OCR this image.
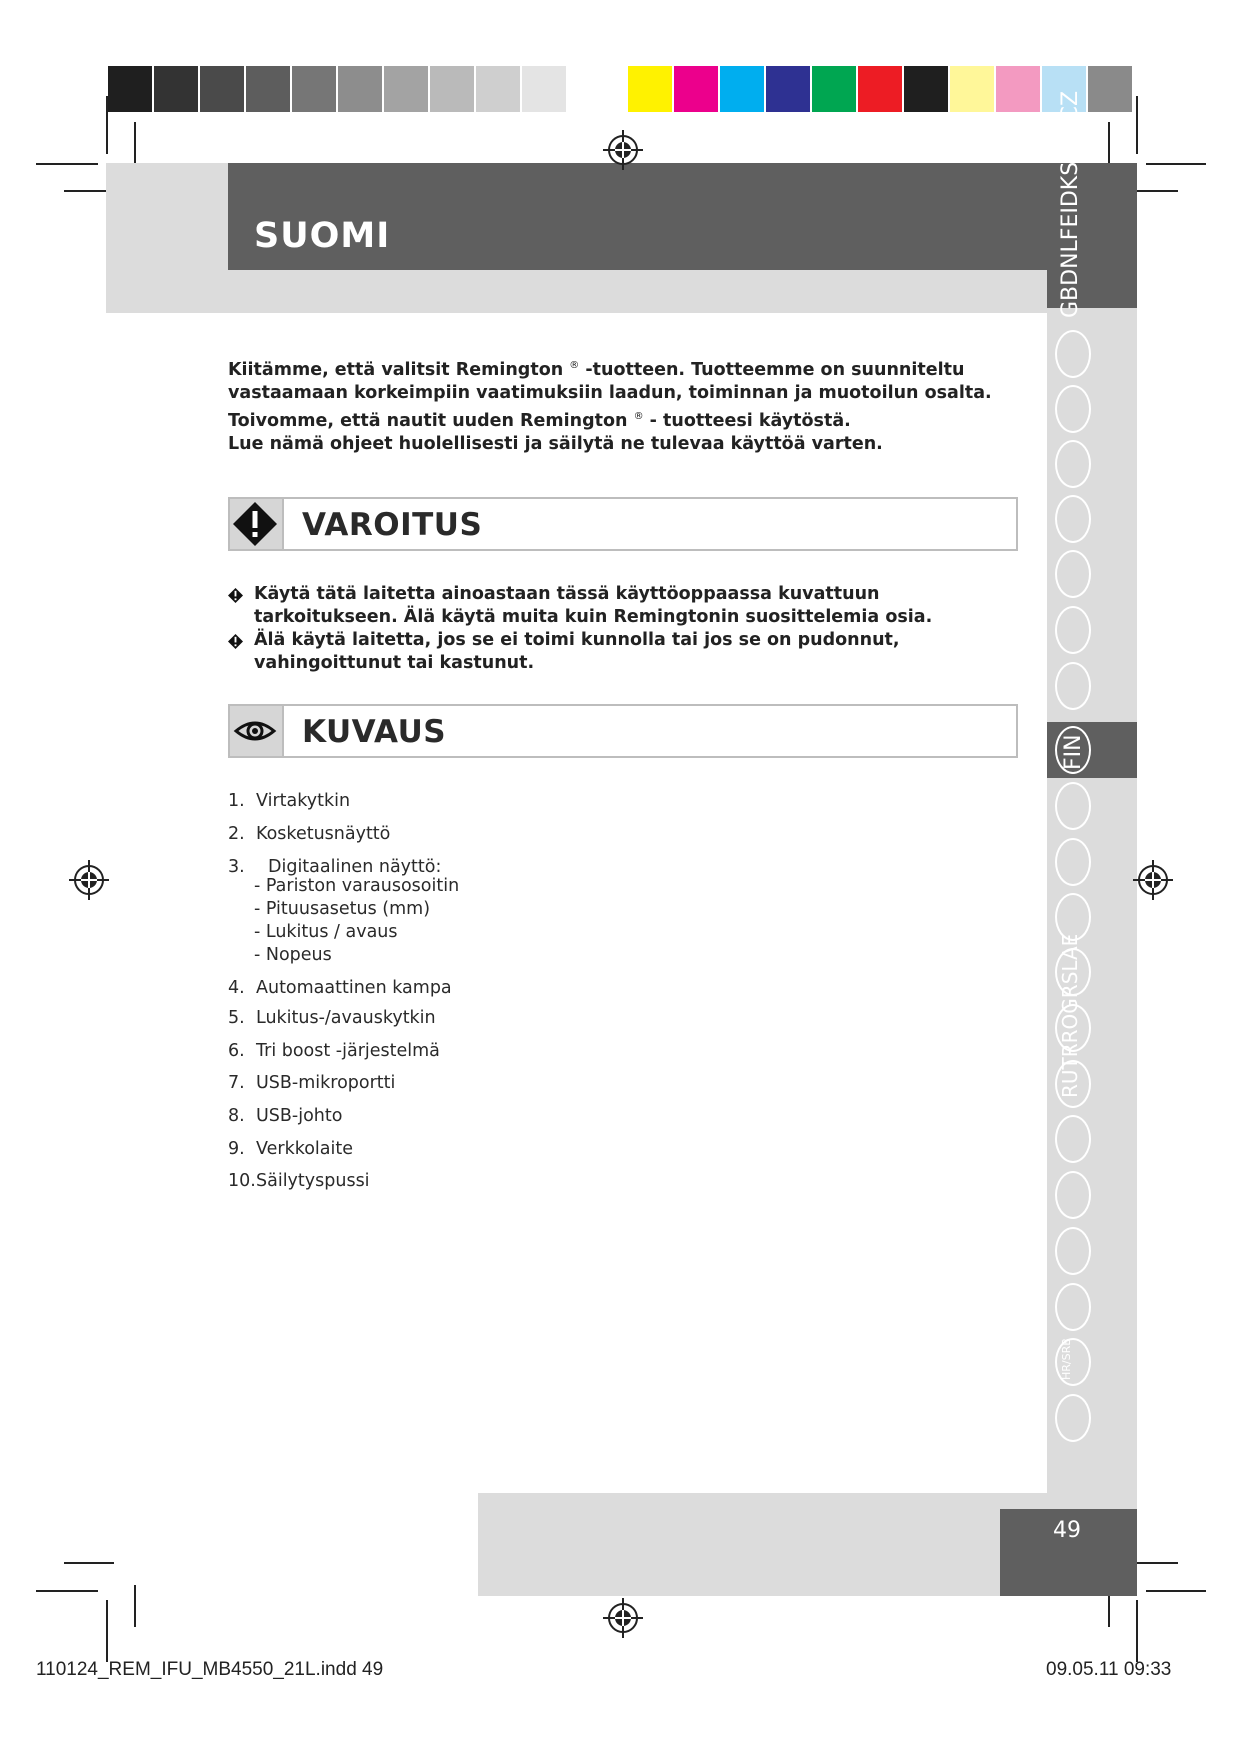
SUOMI
GBDNLFEIDKSPSKCZ
FIN
RUTRROGRSLAE
HR/SRB

Kiitämme, että valitsit Remington ® -tuotteen. Tuotteemme on suunniteltu

vastaamaan korkeimpiin vaatimuksiin laadun, toiminnan ja muotoilun osalta.

Toivomme, että nautit uuden Remington ® - tuotteesi käytöstä.

Lue nämä ohjeet huolellisesti ja säilytä ne tulevaa käyttöä varten.

VAROITUS
Käytä tätä laitetta ainoastaan tässä käyttöoppaassa kuvattuun tarkoitukseen. Älä käytä muita kuin Remingtonin suosittelemia osia.
Älä käytä laitetta, jos se ei toimi kunnolla tai jos se on pudonnut, vahingoittunut tai kastunut.
KUVAUS
1. Virtakytkin
2. Kosketusnäyttö
3. Digitaalinen näyttö:
- Pariston varausosoitin
- Pituusasetus (mm)
- Lukitus / avaus
- Nopeus
4. Automaattinen kampa
5. Lukitus-/avauskytkin
6. Tri boost -järjestelmä
7. USB-mikroportti
8. USB-johto
9. Verkkolaite
10.Säilytyspussi
49
110124_REM_IFU_MB4550_21L.indd 49	09.05.11 09:33
